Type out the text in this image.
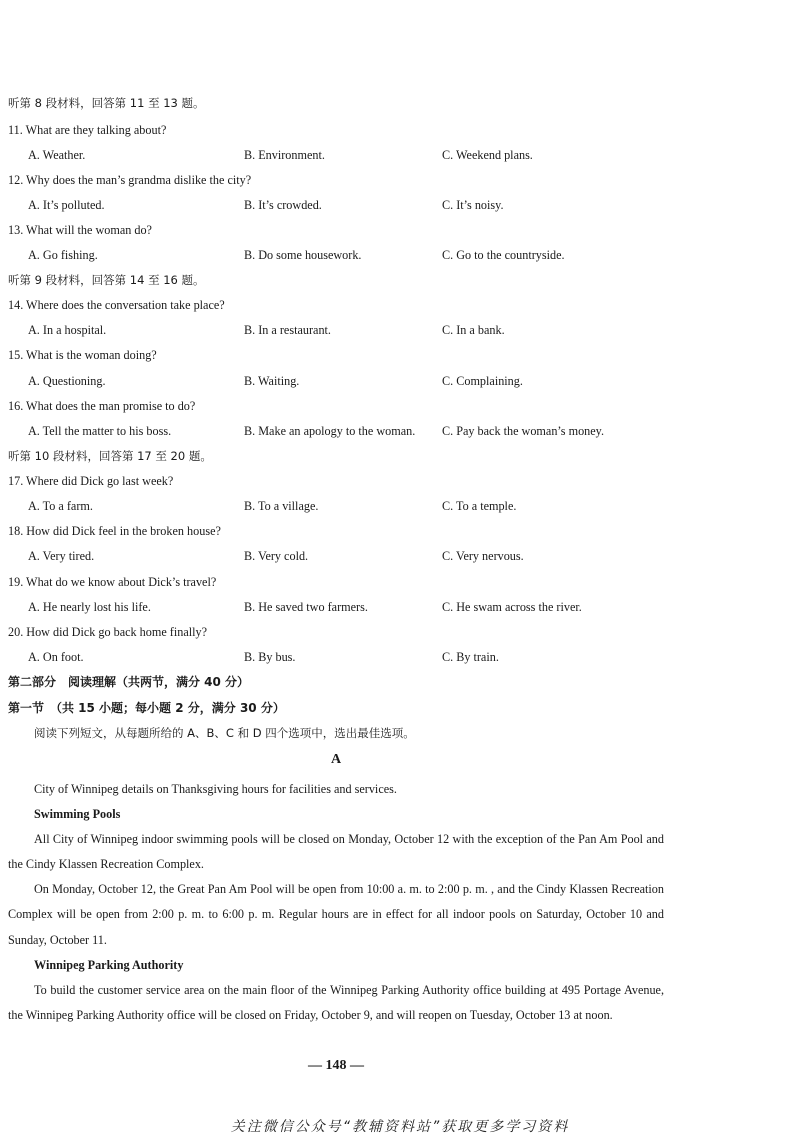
听第 8 段材料，回答第 11 至 13 题。
11. What are they talking about?
A. Weather.	B. Environment.	C. Weekend plans.
12. Why does the man’s grandma dislike the city?
A. It’s polluted.	B. It’s crowded.	C. It’s noisy.
13. What will the woman do?
A. Go fishing.	B. Do some housework.	C. Go to the countryside.
听第 9 段材料，回答第 14 至 16 题。
14. Where does the conversation take place?
A. In a hospital.	B. In a restaurant.	C. In a bank.
15. What is the woman doing?
A. Questioning.	B. Waiting.	C. Complaining.
16. What does the man promise to do?
A. Tell the matter to his boss.	B. Make an apology to the woman. C. Pay back the woman’s money.
听第 10 段材料，回答第 17 至 20 题。
17. Where did Dick go last week?
A. To a farm.	B. To a village.	C. To a temple.
18. How did Dick feel in the broken house?
A. Very tired.	B. Very cold.	C. Very nervous.
19. What do we know about Dick’s travel?
A. He nearly lost his life.	B. He saved two farmers.	C. He swam across the river.
20. How did Dick go back home finally?
A. On foot.	B. By bus.	C. By train.
第二部分　阅读理解（共两节，满分 40 分）
第一节　（共 15 小题；每小题 2 分，满分 30 分）
阅读下列短文，从每题所给的 A、B、C 和 D 四个选项中，选出最佳选项。
A
City of Winnipeg details on Thanksgiving hours for facilities and services.
Swimming Pools
All City of Winnipeg indoor swimming pools will be closed on Monday, October 12 with the exception of the Pan Am Pool and the Cindy Klassen Recreation Complex.
On Monday, October 12, the Great Pan Am Pool will be open from 10:00 a. m. to 2:00 p. m. , and the Cindy Klassen Recreation Complex will be open from 2:00 p. m. to 6:00 p. m. Regular hours are in effect for all indoor pools on Saturday, October 10 and Sunday, October 11.
Winnipeg Parking Authority
To build the customer service area on the main floor of the Winnipeg Parking Authority office building at 495 Portage Avenue, the Winnipeg Parking Authority office will be closed on Friday, October 9, and will reopen on Tuesday, October 13 at noon.
— 148 —
关注微信公众号“教辅资料站”获取更多学习资料
